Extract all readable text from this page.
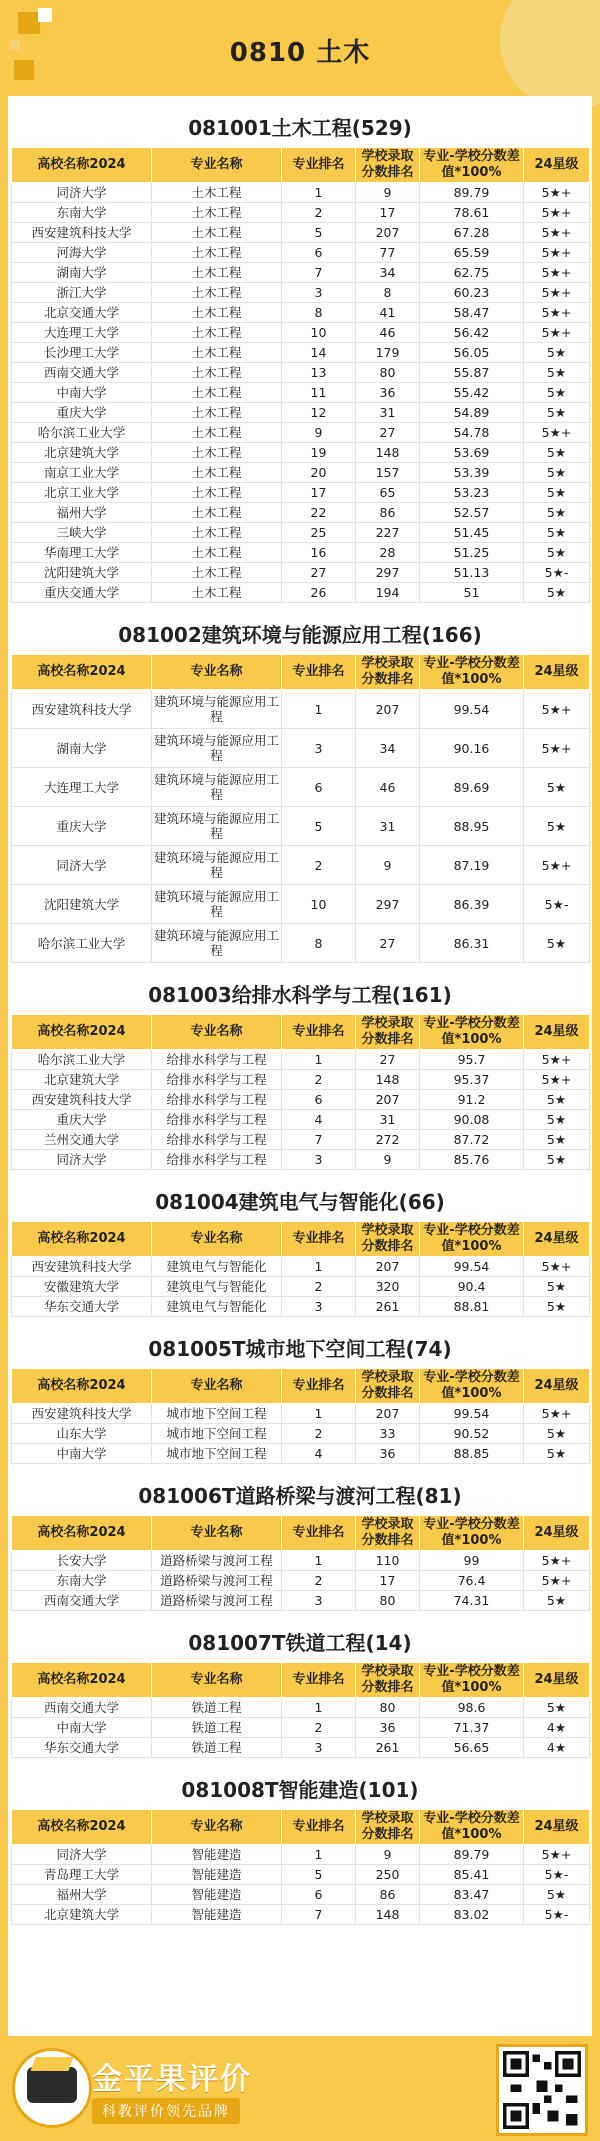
0810 土木
081001土木工程(529)
高校名称2024	专业名称	专业排名	学校录取分数排名	专业-学校分数差值*100%	24星级
同济大学	土木工程	1	9	89.79	5★+
东南大学	土木工程	2	17	78.61	5★+
西安建筑科技大学	土木工程	5	207	67.28	5★+
河海大学	土木工程	6	77	65.59	5★+
湖南大学	土木工程	7	34	62.75	5★+
浙江大学	土木工程	3	8	60.23	5★+
北京交通大学	土木工程	8	41	58.47	5★+
大连理工大学	土木工程	10	46	56.42	5★+
长沙理工大学	土木工程	14	179	56.05	5★
西南交通大学	土木工程	13	80	55.87	5★
中南大学	土木工程	11	36	55.42	5★
重庆大学	土木工程	12	31	54.89	5★
哈尔滨工业大学	土木工程	9	27	54.78	5★+
北京建筑大学	土木工程	19	148	53.69	5★
南京工业大学	土木工程	20	157	53.39	5★
北京工业大学	土木工程	17	65	53.23	5★
福州大学	土木工程	22	86	52.57	5★
三峡大学	土木工程	25	227	51.45	5★
华南理工大学	土木工程	16	28	51.25	5★
沈阳建筑大学	土木工程	27	297	51.13	5★-
重庆交通大学	土木工程	26	194	51	5★
081002建筑环境与能源应用工程(166)
高校名称2024	专业名称	专业排名	学校录取分数排名	专业-学校分数差值*100%	24星级
西安建筑科技大学	建筑环境与能源应用工程	1	207	99.54	5★+
湖南大学	建筑环境与能源应用工程	3	34	90.16	5★+
大连理工大学	建筑环境与能源应用工程	6	46	89.69	5★
重庆大学	建筑环境与能源应用工程	5	31	88.95	5★
同济大学	建筑环境与能源应用工程	2	9	87.19	5★+
沈阳建筑大学	建筑环境与能源应用工程	10	297	86.39	5★-
哈尔滨工业大学	建筑环境与能源应用工程	8	27	86.31	5★
081003给排水科学与工程(161)
高校名称2024	专业名称	专业排名	学校录取分数排名	专业-学校分数差值*100%	24星级
哈尔滨工业大学	给排水科学与工程	1	27	95.7	5★+
北京建筑大学	给排水科学与工程	2	148	95.37	5★+
西安建筑科技大学	给排水科学与工程	6	207	91.2	5★
重庆大学	给排水科学与工程	4	31	90.08	5★
兰州交通大学	给排水科学与工程	7	272	87.72	5★
同济大学	给排水科学与工程	3	9	85.76	5★
081004建筑电气与智能化(66)
高校名称2024	专业名称	专业排名	学校录取分数排名	专业-学校分数差值*100%	24星级
西安建筑科技大学	建筑电气与智能化	1	207	99.54	5★+
安徽建筑大学	建筑电气与智能化	2	320	90.4	5★
华东交通大学	建筑电气与智能化	3	261	88.81	5★
081005T城市地下空间工程(74)
高校名称2024	专业名称	专业排名	学校录取分数排名	专业-学校分数差值*100%	24星级
西安建筑科技大学	城市地下空间工程	1	207	99.54	5★+
山东大学	城市地下空间工程	2	33	90.52	5★
中南大学	城市地下空间工程	4	36	88.85	5★
081006T道路桥梁与渡河工程(81)
高校名称2024	专业名称	专业排名	学校录取分数排名	专业-学校分数差值*100%	24星级
长安大学	道路桥梁与渡河工程	1	110	99	5★+
东南大学	道路桥梁与渡河工程	2	17	76.4	5★+
西南交通大学	道路桥梁与渡河工程	3	80	74.31	5★
081007T铁道工程(14)
高校名称2024	专业名称	专业排名	学校录取分数排名	专业-学校分数差值*100%	24星级
西南交通大学	铁道工程	1	80	98.6	5★
中南大学	铁道工程	2	36	71.37	4★
华东交通大学	铁道工程	3	261	56.65	4★
081008T智能建造(101)
高校名称2024	专业名称	专业排名	学校录取分数排名	专业-学校分数差值*100%	24星级
同济大学	智能建造	1	9	89.79	5★+
青岛理工大学	智能建造	5	250	85.41	5★-
福州大学	智能建造	6	86	83.47	5★
北京建筑大学	智能建造	7	148	83.02	5★-
金平果评价
科教评价领先品牌
